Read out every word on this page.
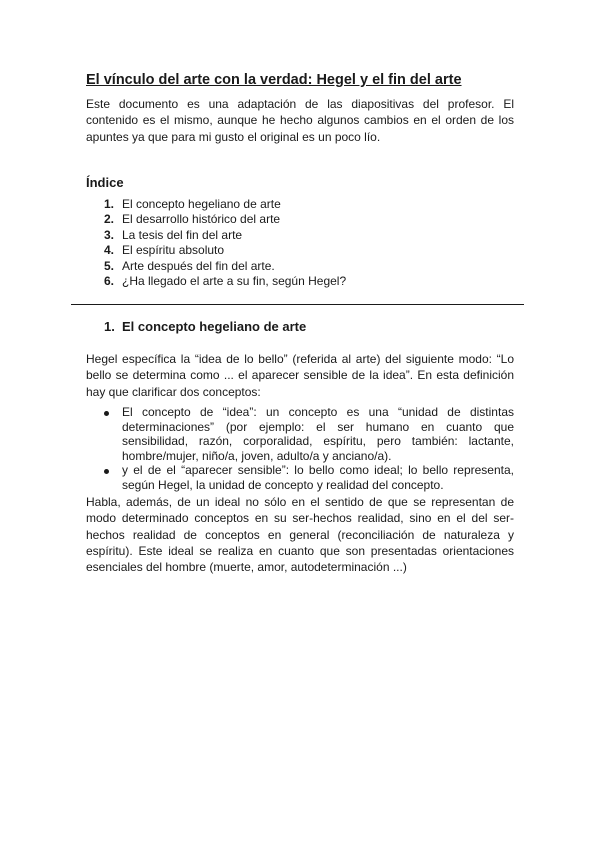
El vínculo del arte con la verdad: Hegel y el fin del arte

Este documento es una adaptación de las diapositivas del profesor. El contenido es el mismo, aunque he hecho algunos cambios en el orden de los apuntes ya que para mi gusto el original es un poco lío.

Índice
1. El concepto hegeliano de arte
2. El desarrollo histórico del arte
3. La tesis del fin del arte
4. El espíritu absoluto
5. Arte después del fin del arte.
6. ¿Ha llegado el arte a su fin, según Hegel?
1. El concepto hegeliano de arte

Hegel específica la “idea de lo bello” (referida al arte) del siguiente modo: “Lo bello se determina como ... el aparecer sensible de la idea”. En esta definición hay que clarificar dos conceptos:

El concepto de “idea”: un concepto es una “unidad de distintas determinaciones” (por ejemplo: el ser humano en cuanto que sensibilidad, razón, corporalidad, espíritu, pero también: lactante, hombre/mujer, niño/a, joven, adulto/a y anciano/a).
y el de el “aparecer sensible”: lo bello como ideal; lo bello representa, según Hegel, la unidad de concepto y realidad del concepto.

Habla, además, de un ideal no sólo en el sentido de que se representan de modo determinado conceptos en su ser-hechos realidad, sino en el del ser-hechos realidad de conceptos en general (reconciliación de naturaleza y espíritu). Este ideal se realiza en cuanto que son presentadas orientaciones esenciales del hombre (muerte, amor, autodeterminación ...)
